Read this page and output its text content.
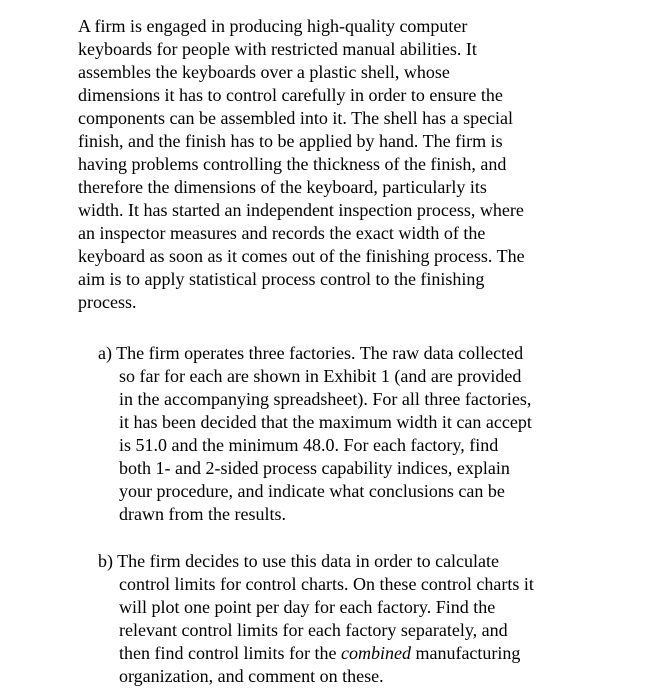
A firm is engaged in producing high-quality computer

keyboards for people with restricted manual abilities. It

assembles the keyboards over a plastic shell, whose

dimensions it has to control carefully in order to ensure the

components can be assembled into it. The shell has a special

finish, and the finish has to be applied by hand. The firm is

having problems controlling the thickness of the finish, and

therefore the dimensions of the keyboard, particularly its

width. It has started an independent inspection process, where

an inspector measures and records the exact width of the

keyboard as soon as it comes out of the finishing process. The

aim is to apply statistical process control to the finishing

process.

a) The firm operates three factories. The raw data collected

so far for each are shown in Exhibit 1 (and are provided

in the accompanying spreadsheet). For all three factories,

it has been decided that the maximum width it can accept

is 51.0 and the minimum 48.0. For each factory, find

both 1- and 2-sided process capability indices, explain

your procedure, and indicate what conclusions can be

drawn from the results.

b) The firm decides to use this data in order to calculate

control limits for control charts. On these control charts it

will plot one point per day for each factory. Find the

relevant control limits for each factory separately, and

then find control limits for the combined manufacturing

organization, and comment on these.
